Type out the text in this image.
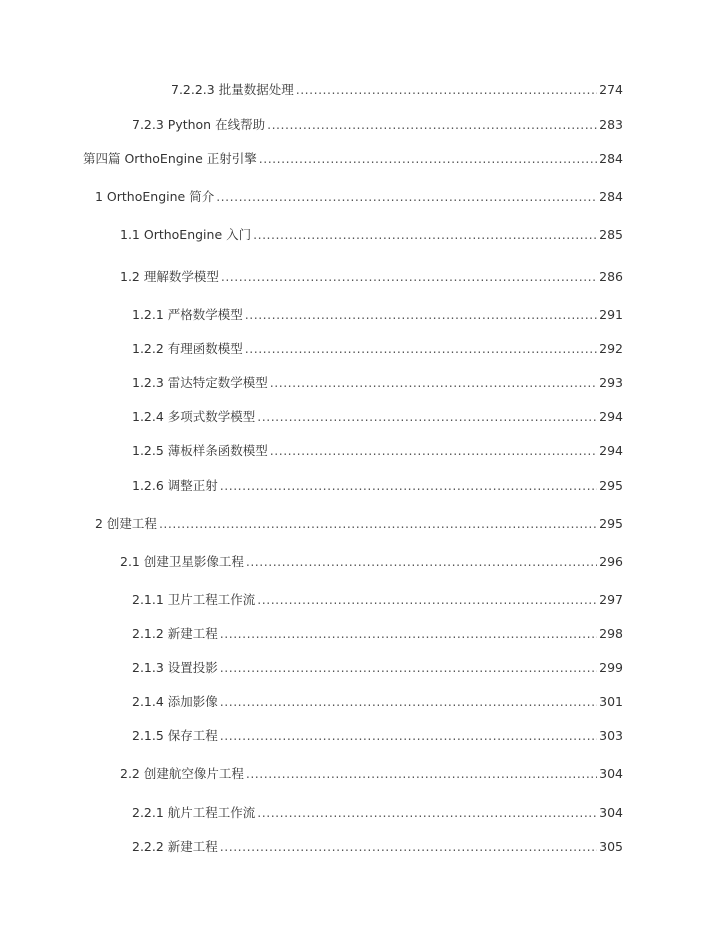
7.2.2.3 批量数据处理 .....	274
7.2.3 Python 在线帮助 .....	283
第四篇 OrthoEngine 正射引擎 .....	284
1 OrthoEngine 简介 .....	284
1.1 OrthoEngine 入门 .....	285
1.2 理解数学模型 .....	286
1.2.1 严格数学模型 .....	291
1.2.2 有理函数模型 .....	292
1.2.3 雷达特定数学模型 .....	293
1.2.4 多项式数学模型 .....	294
1.2.5 薄板样条函数模型 .....	294
1.2.6 调整正射 .....	295
2 创建工程 .....	295
2.1 创建卫星影像工程 .....	296
2.1.1 卫片工程工作流 .....	297
2.1.2 新建工程 .....	298
2.1.3 设置投影 .....	299
2.1.4 添加影像 .....	301
2.1.5 保存工程 .....	303
2.2 创建航空像片工程 .....	304
2.2.1 航片工程工作流 .....	304
2.2.2 新建工程 .....	305
